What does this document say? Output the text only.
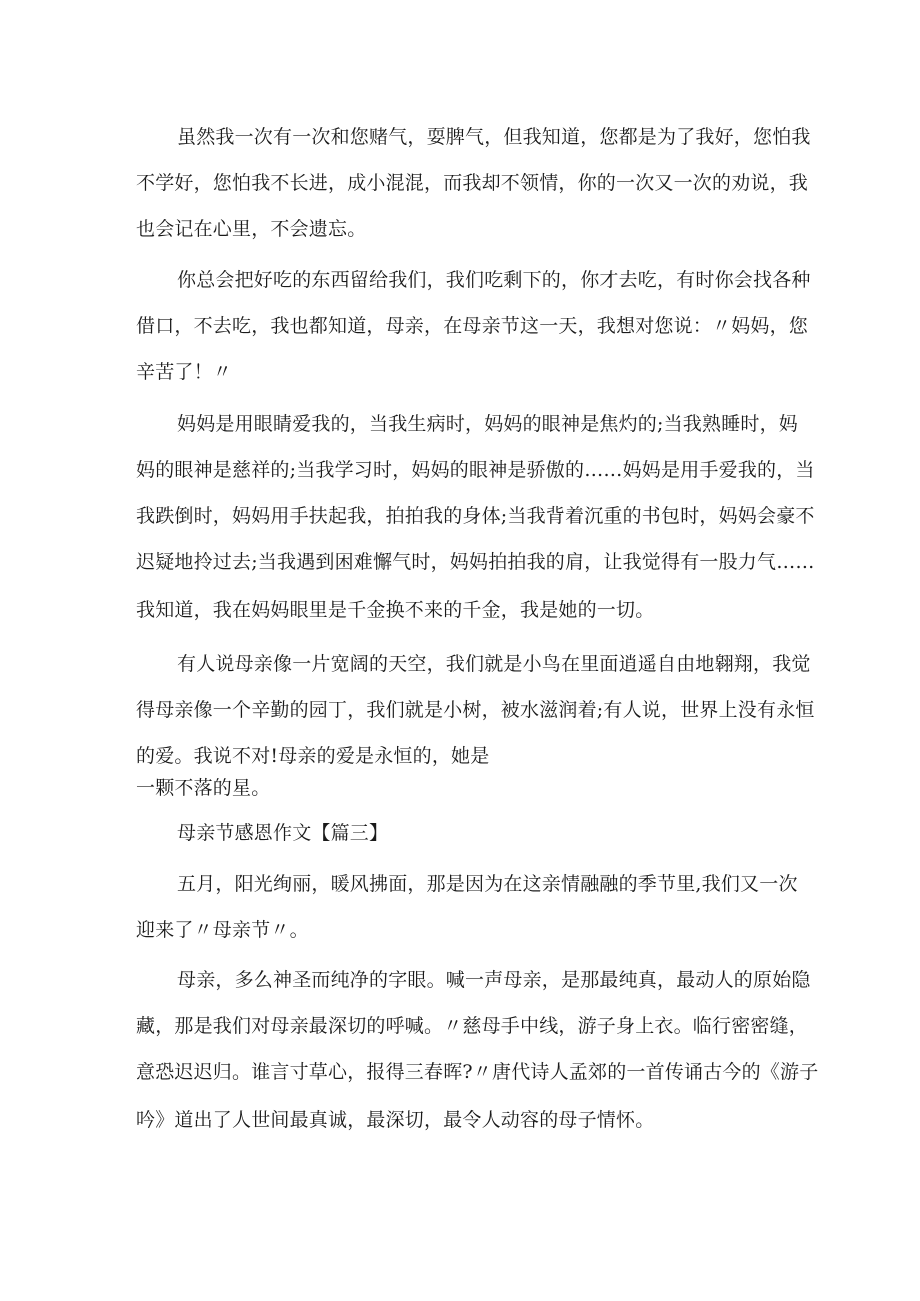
虽然我一次有一次和您赌气，耍脾气，但我知道，您都是为了我好，您怕我
不学好，您怕我不长进，成小混混，而我却不领情，你的一次又一次的劝说，我
也会记在心里，不会遗忘。
你总会把好吃的东西留给我们，我们吃剩下的，你才去吃，有时你会找各种
借口，不去吃，我也都知道，母亲，在母亲节这一天，我想对您说：〃妈妈，您
辛苦了！〃
妈妈是用眼睛爱我的，当我生病时，妈妈的眼神是焦灼的;当我熟睡时，妈
妈的眼神是慈祥的;当我学习时，妈妈的眼神是骄傲的……妈妈是用手爱我的，当
我跌倒时，妈妈用手扶起我，拍拍我的身体;当我背着沉重的书包时，妈妈会豪不
迟疑地拎过去;当我遇到困难懈气时，妈妈拍拍我的肩，让我觉得有一股力气……
我知道，我在妈妈眼里是千金换不来的千金，我是她的一切。
有人说母亲像一片宽阔的天空，我们就是小鸟在里面逍遥自由地翱翔，我觉
得母亲像一个辛勤的园丁，我们就是小树，被水滋润着;有人说，世界上没有永恒
的爱。我说不对!母亲的爱是永恒的，她是
一颗不落的星。
母亲节感恩作文【篇三】
五月，阳光绚丽，暖风拂面，那是因为在这亲情融融的季节里,我们又一次
迎来了〃母亲节〃。
母亲，多么神圣而纯净的字眼。喊一声母亲，是那最纯真，最动人的原始隐
藏，那是我们对母亲最深切的呼喊。〃慈母手中线，游子身上衣。临行密密缝，
意恐迟迟归。谁言寸草心，报得三春晖?〃唐代诗人孟郊的一首传诵古今的《游子
吟》道出了人世间最真诚，最深切，最令人动容的母子情怀。
